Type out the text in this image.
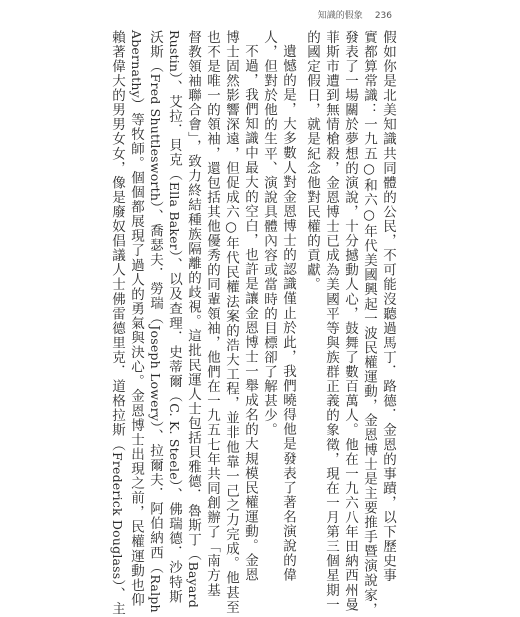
知識的假象 236
假如你是北美知識共同體的公民，不可能沒聽過馬丁．路德．金恩的事蹟，以下歷史事
實都算常識：一九五○和六○年代美國興起一波民權運動，金恩博士是主要推手暨演說家，
發表了一場關於夢想的演說，十分撼動人心，鼓舞了數百萬人。他在一九六八年田納西州曼
菲斯市遭到無情槍殺，金恩博士已成為美國平等與族群正義的象徵，現在一月第三個星期一
的國定假日，就是紀念他對民權的貢獻。
遺憾的是，大多數人對金恩博士的認識僅止於此，我們曉得他是發表了著名演說的偉
人，但對於他的生平、演說具體內容或當時的目標卻了解甚少。
不過，我們知識中最大的空白，也許是讓金恩博士一舉成名的大規模民權運動。金恩
博士固然影響深遠，但促成六○年代民權法案的浩大工程，並非他靠一己之力完成。他甚至
也不是唯一的領袖，還包括其他優秀的同輩領袖，他們在一九五七年共同創辦了「南方基
督教領袖聯合會」，致力終結種族隔離的歧視。這批民運人士包括貝雅德．魯斯丁（Bayard
Rustin）、艾拉．貝克（Ella Baker）、以及查理．史蒂爾（C. K. Steele）、佛瑞德．沙特斯
沃斯（Fred Shuttlesworth）、喬瑟夫．勞瑞（Joseph Lowery）、拉爾夫．阿伯納西（Ralph
Abernathy）等牧師。個個都展現了過人的勇氣與決心。金恩博士出現之前，民權運動也仰
賴著偉大的男男女女，像是廢奴倡議人士佛雷德里克．道格拉斯（Frederick Douglass）、主
